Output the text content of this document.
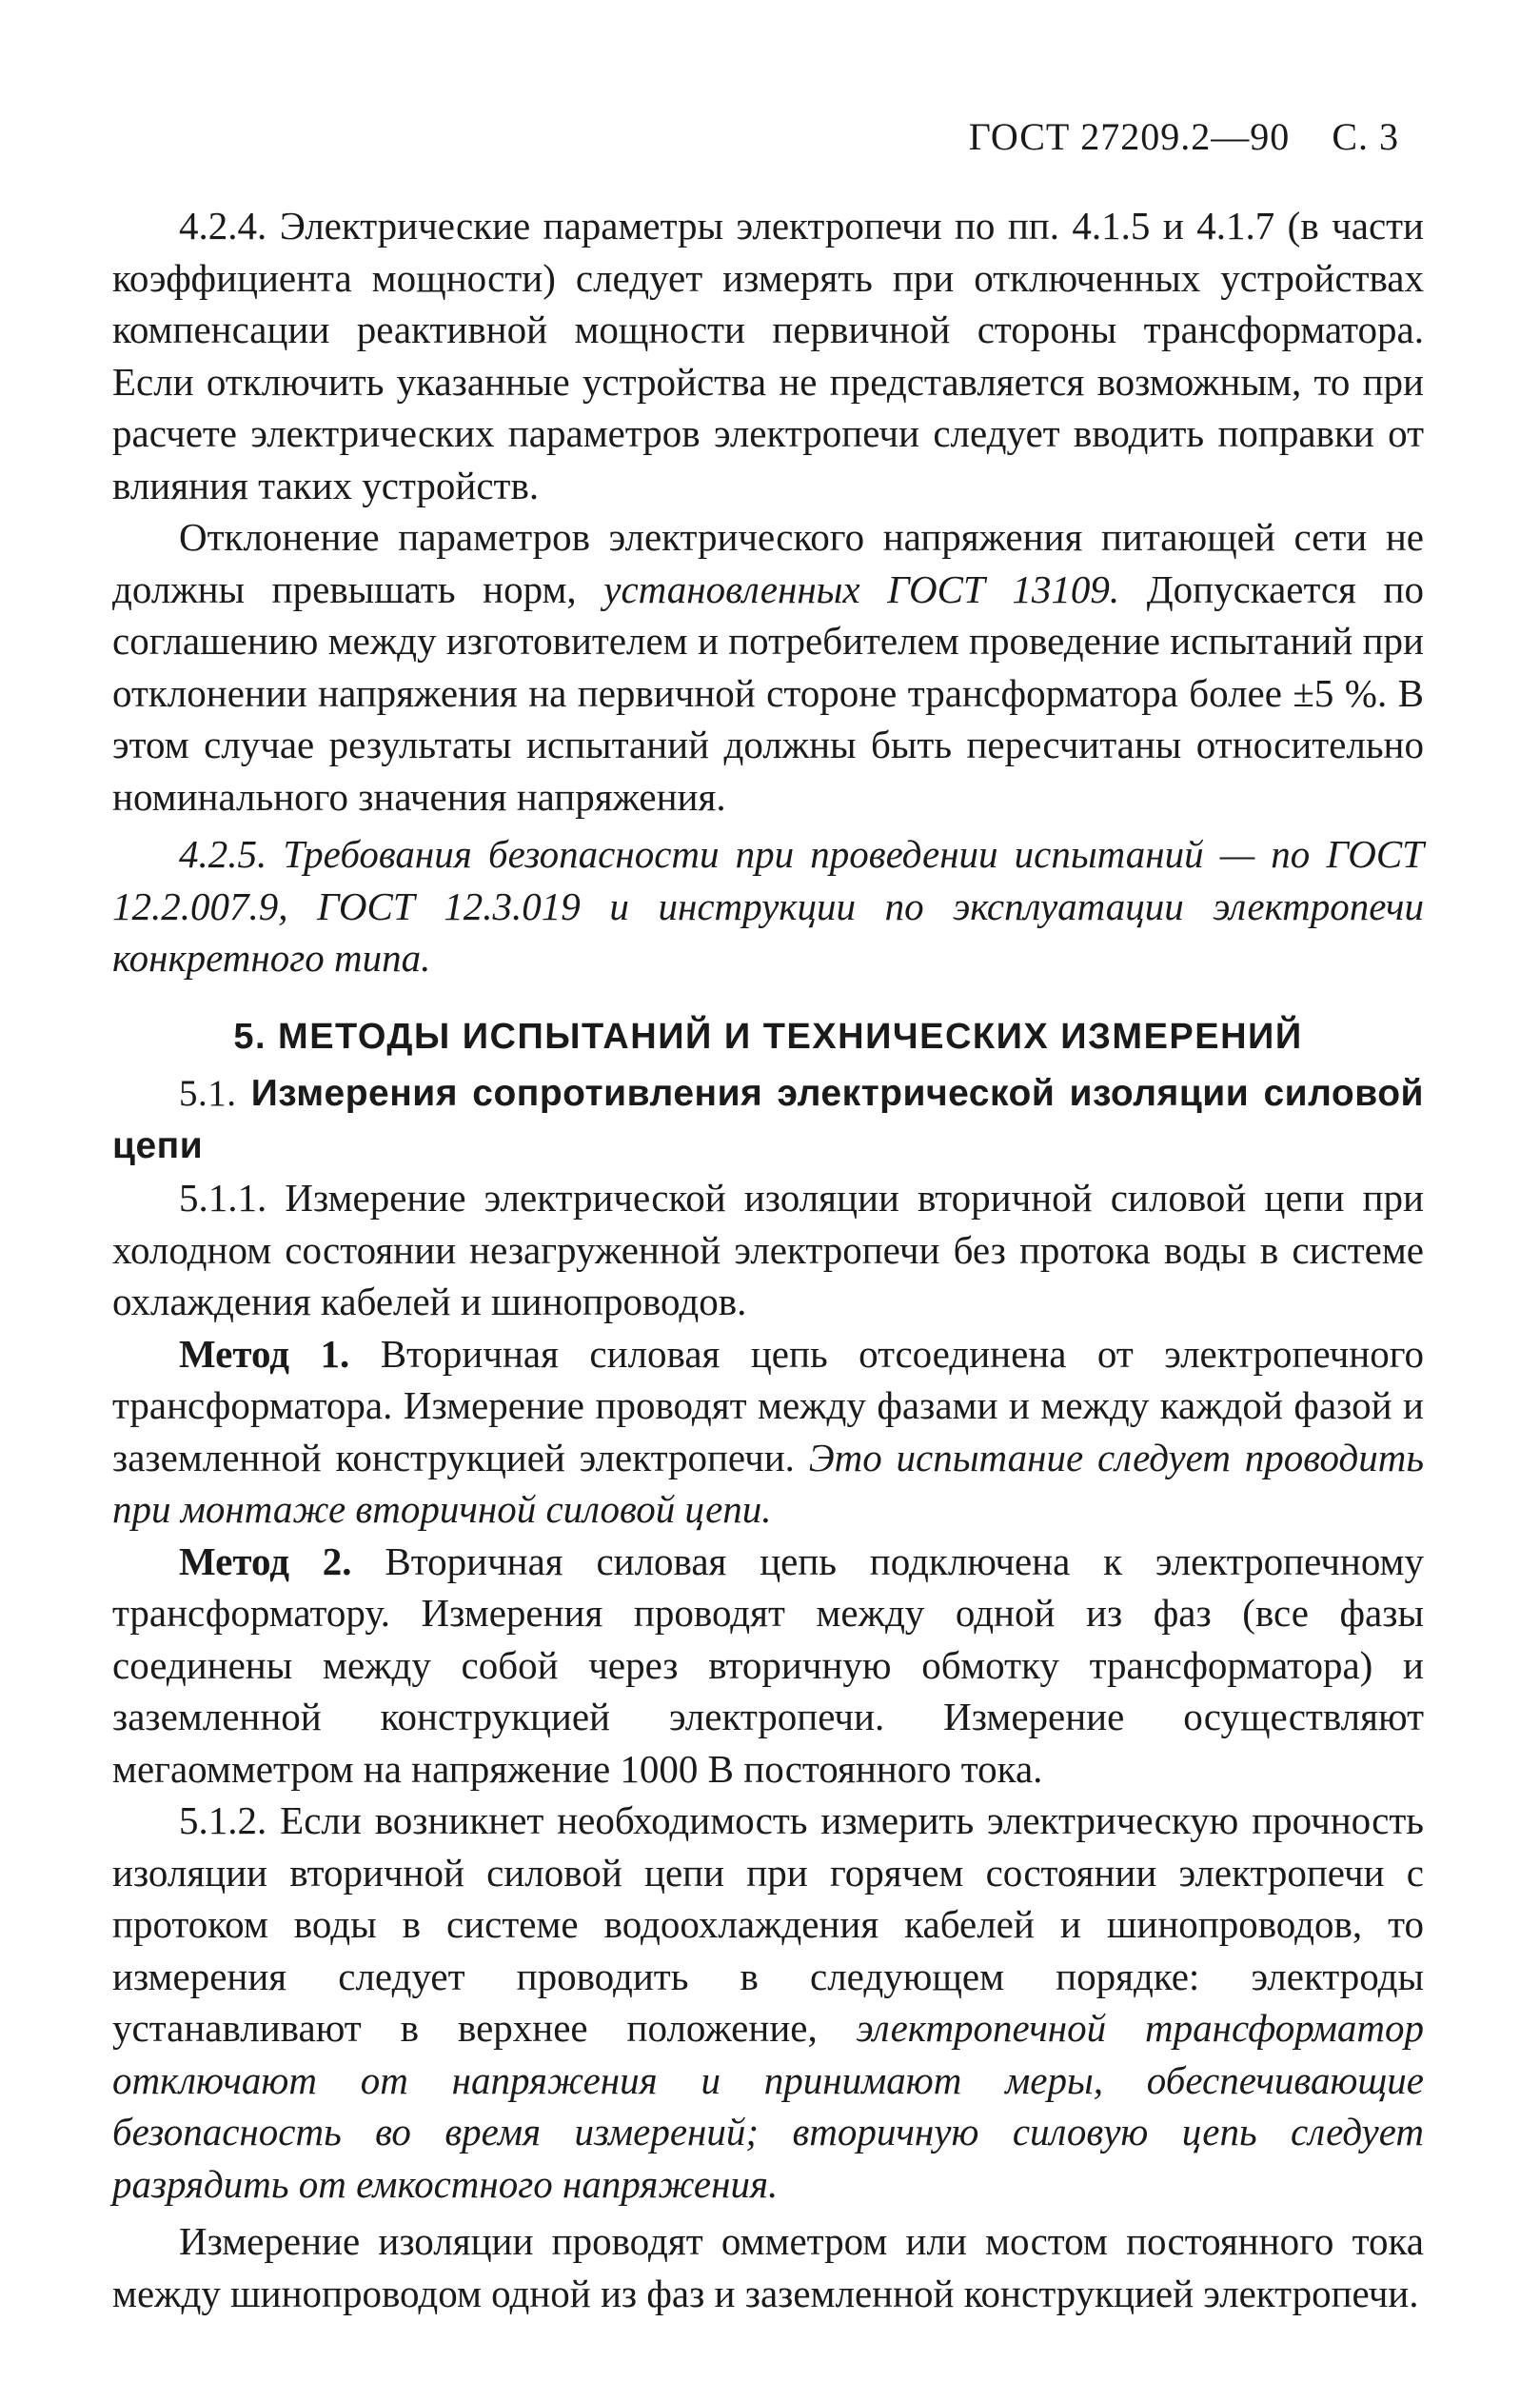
ГОСТ 27209.2—90 С. 3

4.2.4. Электрические параметры электропечи по пп. 4.1.5 и 4.1.7 (в части коэффициента мощности) следует измерять при отключенных устройствах компенсации реактивной мощности первичной стороны трансформатора. Если отключить указанные устройства не представляется возможным, то при расчете электрических параметров электропечи следует вводить поправки от влияния таких устройств.

Отклонение параметров электрического напряжения питающей сети не должны превышать норм, установленных ГОСТ 13109. Допускается по соглашению между изготовителем и потребителем проведение испытаний при отклонении напряжения на первичной стороне трансформатора более ±5 %. В этом случае результаты испытаний должны быть пересчитаны относительно номинального значения напряжения.

4.2.5. Требования безопасности при проведении испытаний — по ГОСТ 12.2.007.9, ГОСТ 12.3.019 и инструкции по эксплуатации электропечи конкретного типа.

5. МЕТОДЫ ИСПЫТАНИЙ И ТЕХНИЧЕСКИХ ИЗМЕРЕНИЙ

5.1. Измерения сопротивления электрической изоляции силовой цепи

5.1.1. Измерение электрической изоляции вторичной силовой цепи при холодном состоянии незагруженной электропечи без протока воды в системе охлаждения кабелей и шинопроводов.

Метод 1. Вторичная силовая цепь отсоединена от электропечного трансформатора. Измерение проводят между фазами и между каждой фазой и заземленной конструкцией электропечи. Это испытание следует проводить при монтаже вторичной силовой цепи.

Метод 2. Вторичная силовая цепь подключена к электропечному трансформатору. Измерения проводят между одной из фаз (все фазы соединены между собой через вторичную обмотку трансформатора) и заземленной конструкцией электропечи. Измерение осуществляют мегаомметром на напряжение 1000 В постоянного тока.

5.1.2. Если возникнет необходимость измерить электрическую прочность изоляции вторичной силовой цепи при горячем состоянии электропечи с протоком воды в системе водоохлаждения кабелей и шинопроводов, то измерения следует проводить в следующем порядке: электроды устанавливают в верхнее положение, электропечной трансформатор отключают от напряжения и принимают меры, обеспечивающие безопасность во время измерений; вторичную силовую цепь следует разрядить от емкостного напряжения.

Измерение изоляции проводят омметром или мостом постоянного тока между шинопроводом одной из фаз и заземленной конструкцией электропечи.
